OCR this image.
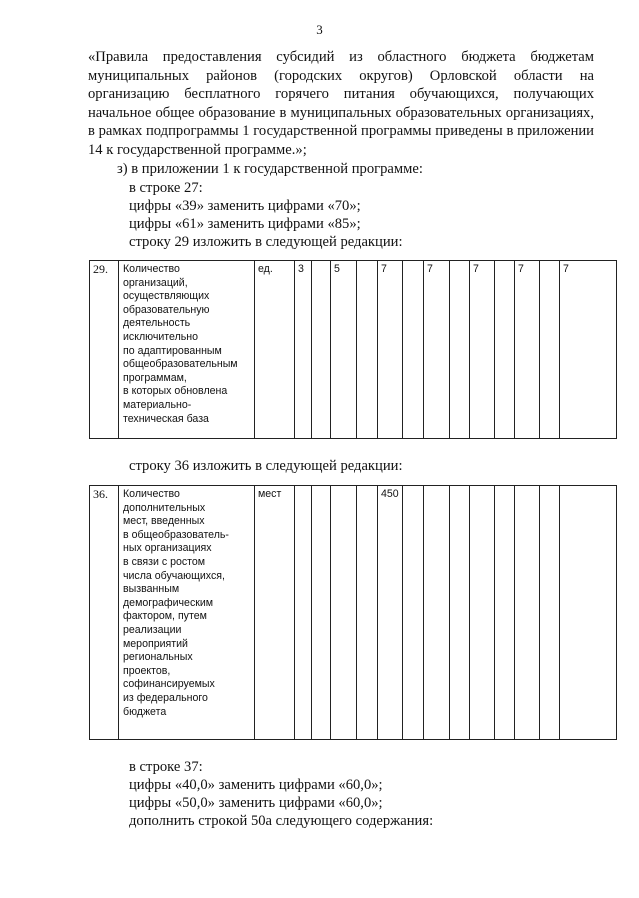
3

«Правила предоставления субсидий из областного бюджета бюджетам муниципальных районов (городских округов) Орловской области на организацию бесплатного горячего питания обучающихся, получающих начальное общее образование в муниципальных образовательных организациях, в рамках подпрограммы 1 государственной программы приведены в приложении 14 к государственной программе.»;

з) в приложении 1 к государственной программе:

в строке 27:

цифры «39» заменить цифрами «70»;

цифры «61» заменить цифрами «85»;

строку 29 изложить в следующей редакции:

29.	Количество
организаций,
осуществляющих
образовательную
деятельность
исключительно
по адаптированным
общеобразовательным
программам,
в которых обновлена
материально-
техническая база
	ед.	3		5		7		7		7		7		7

строку 36 изложить в следующей редакции:

36.	Количество
дополнительных
мест, введенных
в общеобразователь-
ных организациях
в связи с ростом
числа обучающихся,
вызванным
демографическим
фактором, путем
реализации
мероприятий
региональных
проектов,
софинансируемых
из федерального
бюджета
	мест					450								

в строке 37:

цифры «40,0» заменить цифрами «60,0»;

цифры «50,0» заменить цифрами «60,0»;

дополнить строкой 50а следующего содержания:
